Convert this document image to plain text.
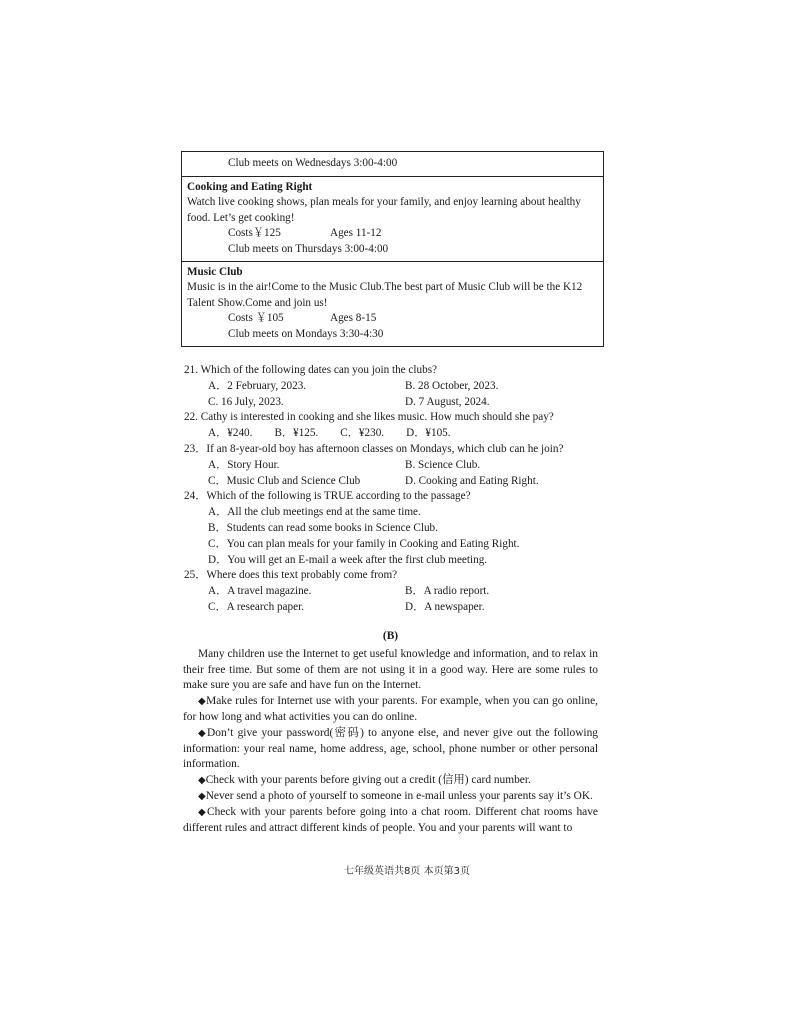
Club meets on Wednesdays 3:00-4:00
Cooking and Eating Right
Watch live cooking shows, plan meals for your family, and enjoy learning about healthy food. Let’s get cooking!
Costs￥125	Ages 11-12
Club meets on Thursdays 3:00-4:00
Music Club
Music is in the air!Come to the Music Club.The best part of Music Club will be the K12 Talent Show.Come and join us!
Costs ￥105	Ages 8-15
Club meets on Mondays 3:30-4:30
21. Which of the following dates can you join the clubs?
A．2 February, 2023.	B. 28 October, 2023.
C. 16 July, 2023.	D. 7 August, 2024.
22. Cathy is interested in cooking and she likes music. How much should she pay?
A．¥240. B．¥125. C．¥230. D．¥105.
23．If an 8-year-old boy has afternoon classes on Mondays, which club can he join?
A．Story Hour.	B. Science Club.
C．Music Club and Science Club	D. Cooking and Eating Right.
24．Which of the following is TRUE according to the passage?
A．All the club meetings end at the same time.
B．Students can read some books in Science Club.
C．You can plan meals for your family in Cooking and Eating Right.
D．You will get an E-mail a week after the first club meeting.
25．Where does this text probably come from?
A．A travel magazine.	B．A radio report.
C．A research paper.	D．A newspaper.
(B)

Many children use the Internet to get useful knowledge and information, and to relax in their free time. But some of them are not using it in a good way. Here are some rules to make sure you are safe and have fun on the Internet.

◆Make rules for Internet use with your parents. For example, when you can go online, for how long and what activities you can do online.

◆Don’t give your password(密码) to anyone else, and never give out the following information: your real name, home address, age, school, phone number or other personal information.

◆Check with your parents before giving out a credit (信用) card number.

◆Never send a photo of yourself to someone in e-mail unless your parents say it’s OK.

◆Check with your parents before going into a chat room. Different chat rooms have different rules and attract different kinds of people. You and your parents will want to

七年级英语共8页 本页第3页
